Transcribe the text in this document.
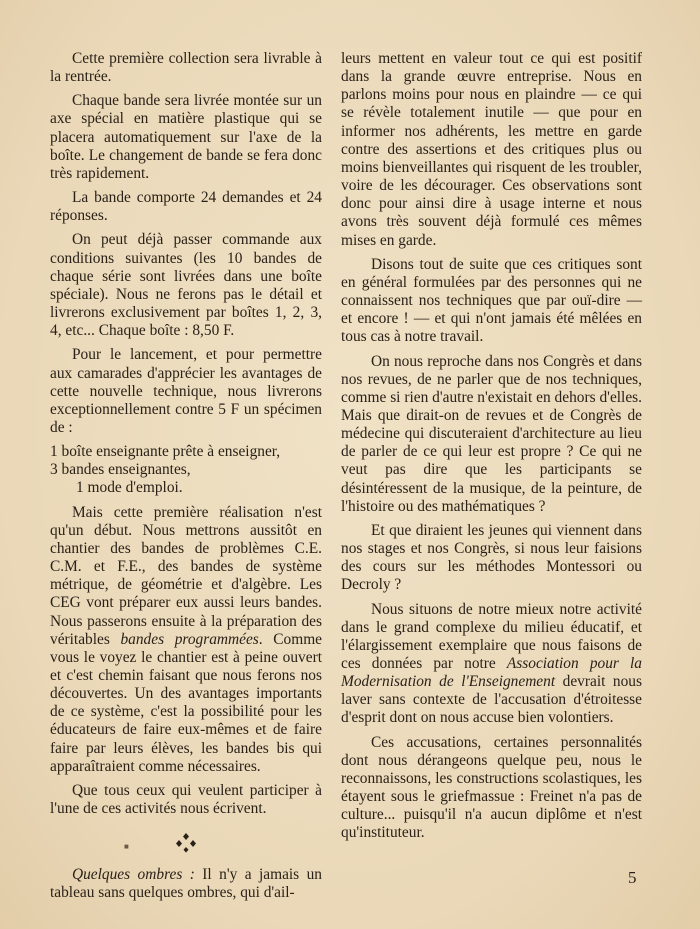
Cette première collection sera livrable à la rentrée.

Chaque bande sera livrée montée sur un axe spécial en matière plastique qui se placera automatiquement sur l'axe de la boîte. Le changement de bande se fera donc très rapidement.

La bande comporte 24 demandes et 24 réponses.

On peut déjà passer commande aux conditions suivantes (les 10 bandes de chaque série sont livrées dans une boîte spéciale). Nous ne ferons pas le détail et livrerons exclusivement par boîtes 1, 2, 3, 4, etc... Chaque boîte : 8,50 F.

Pour le lancement, et pour permettre aux camarades d'apprécier les avantages de cette nouvelle technique, nous livrerons exceptionnellement contre 5 F un spécimen de :

1 boîte enseignante prête à enseigner,

3 bandes enseignantes,

1 mode d'emploi.

Mais cette première réalisation n'est qu'un début. Nous mettrons aussitôt en chantier des bandes de problèmes C.E. C.M. et F.E., des bandes de système métrique, de géométrie et d'algèbre. Les CEG vont préparer eux aussi leurs bandes. Nous passerons ensuite à la préparation des véritables bandes programmées. Comme vous le voyez le chantier est à peine ouvert et c'est chemin faisant que nous ferons nos découvertes. Un des avantages importants de ce système, c'est la possibilité pour les éducateurs de faire eux-mêmes et de faire faire par leurs élèves, les bandes bis qui apparaîtraient comme nécessaires.

Que tous ceux qui veulent participer à l'une de ces activités nous écrivent.

■

Quelques ombres : Il n'y a jamais un tableau sans quelques ombres, qui d'ail-

leurs mettent en valeur tout ce qui est positif dans la grande œuvre entreprise. Nous en parlons moins pour nous en plaindre — ce qui se révèle totalement inutile — que pour en informer nos adhérents, les mettre en garde contre des assertions et des critiques plus ou moins bienveillantes qui risquent de les troubler, voire de les décourager. Ces observations sont donc pour ainsi dire à usage interne et nous avons très souvent déjà formulé ces mêmes mises en garde.

Disons tout de suite que ces critiques sont en général formulées par des personnes qui ne connaissent nos techniques que par ouï-dire — et encore ! — et qui n'ont jamais été mêlées en tous cas à notre travail.

On nous reproche dans nos Congrès et dans nos revues, de ne parler que de nos techniques, comme si rien d'autre n'existait en dehors d'elles. Mais que dirait-on de revues et de Congrès de médecine qui discuteraient d'architecture au lieu de parler de ce qui leur est propre ? Ce qui ne veut pas dire que les participants se désintéressent de la musique, de la peinture, de l'histoire ou des mathématiques ?

Et que diraient les jeunes qui viennent dans nos stages et nos Congrès, si nous leur faisions des cours sur les méthodes Montessori ou Decroly ?

Nous situons de notre mieux notre activité dans le grand complexe du milieu éducatif, et l'élargissement exemplaire que nous faisons de ces données par notre Association pour la Modernisation de l'Enseignement devrait nous laver sans contexte de l'accusation d'étroitesse d'esprit dont on nous accuse bien volontiers.

Ces accusations, certaines personnalités dont nous dérangeons quelque peu, nous le reconnaissons, les constructions scolastiques, les étayent sous le griefmassue : Freinet n'a pas de culture... puisqu'il n'a aucun diplôme et n'est qu'instituteur.

5
